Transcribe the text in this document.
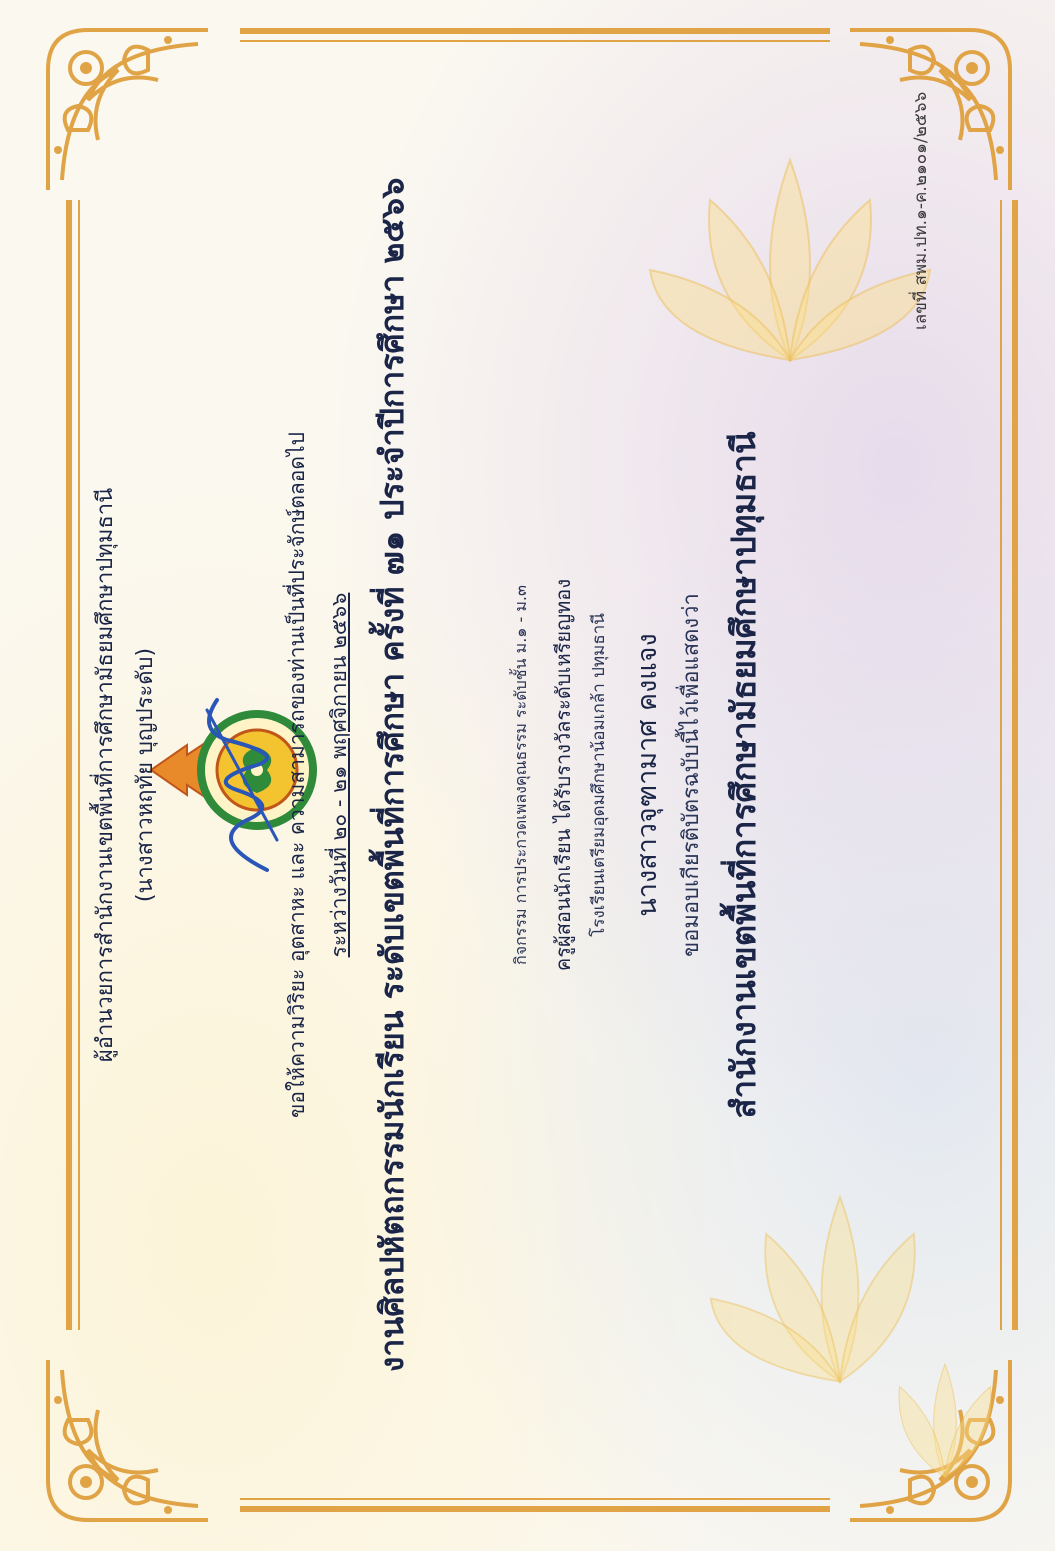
เลขที่ สพม.ปท.๑-ค.๒๑๐๑/๒๕๖๖
สำนักงานเขตพื้นที่การศึกษามัธยมศึกษาปทุมธานี
ขอมอบเกียรติบัตรฉบับนี้ไว้เพื่อแสดงว่า
นางสาวจุฑามาศ คงแจง
โรงเรียนเตรียมอุดมศึกษาน้อมเกล้า ปทุมธานี
ครูผู้สอนนักเรียน ได้รับรางวัลระดับเหรียญทอง
กิจกรรม การประกวดเพลงคุณธรรม ระดับชั้น ม.๑ - ม.๓
งานศิลปหัตถกรรมนักเรียน ระดับเขตพื้นที่การศึกษา ครั้งที่ ๗๑ ประจำปีการศึกษา ๒๕๖๖
ระหว่างวันที่ ๒๐ - ๒๑ พฤศจิกายน ๒๕๖๖
ขอให้ความวิริยะ อุตสาหะ และ ความสามารถของท่านเป็นที่ประจักษ์ตลอดไป
(นางสาวหฤทัย บุญประดับ)
ผู้อำนวยการสำนักงานเขตพื้นที่การศึกษามัธยมศึกษาปทุมธานี
